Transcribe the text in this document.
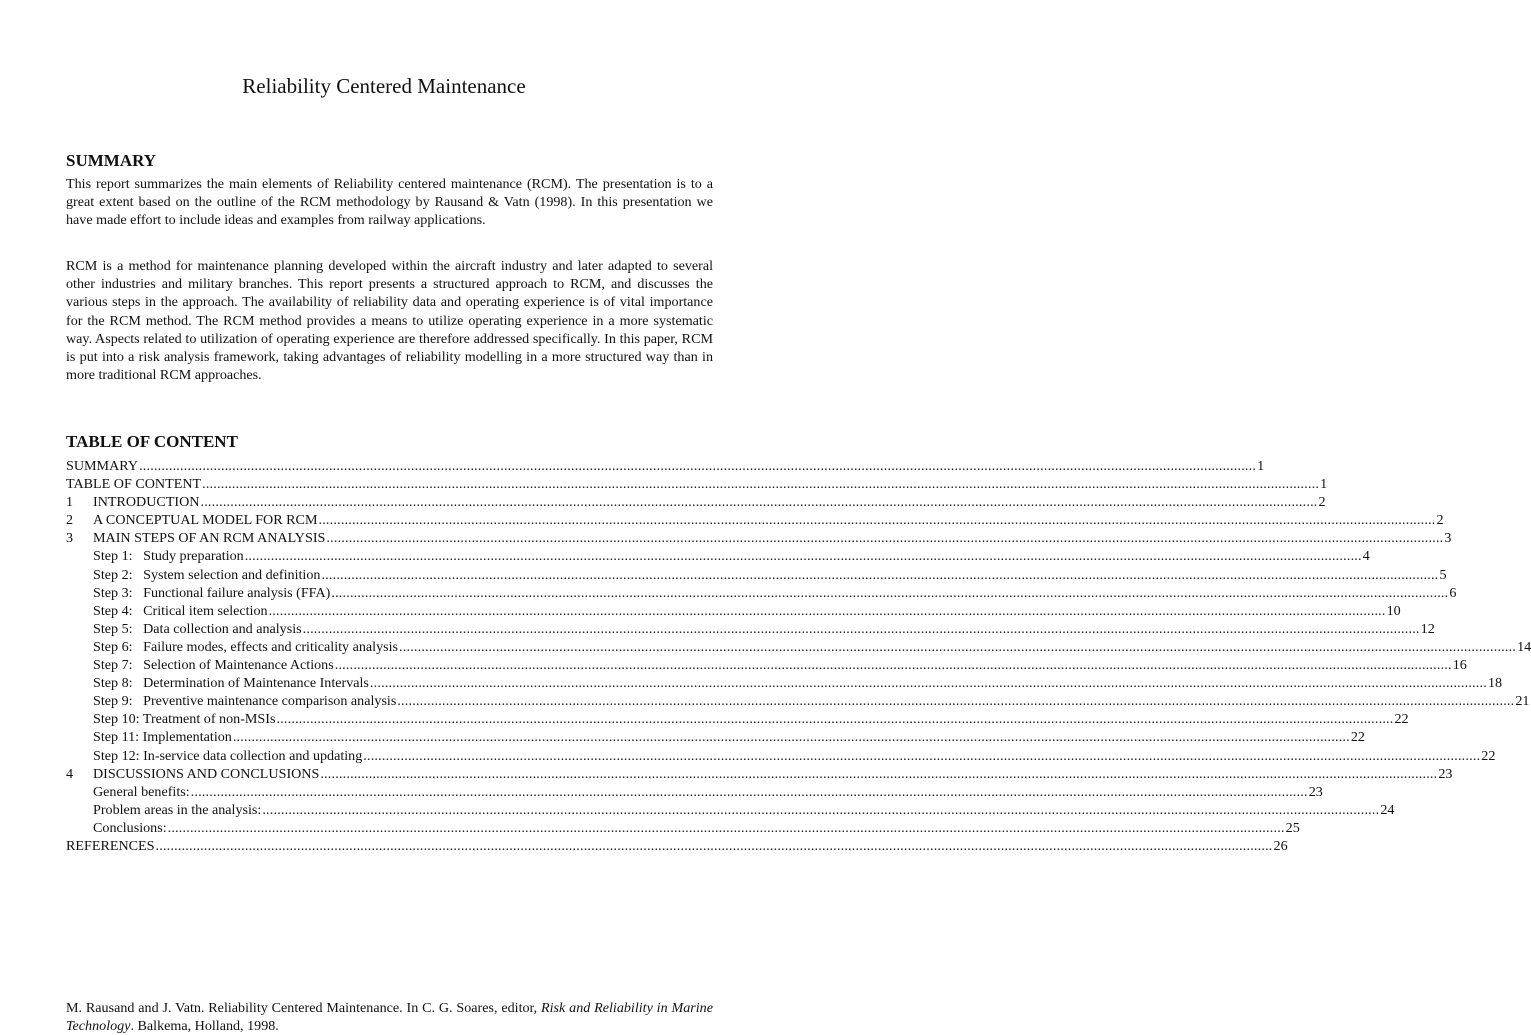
Reliability Centered Maintenance
SUMMARY

This report summarizes the main elements of Reliability centered maintenance (RCM). The presentation is to a great extent based on the outline of the RCM methodology by Rausand & Vatn (1998). In this presentation we have made effort to include ideas and examples from railway applications.

RCM is a method for maintenance planning developed within the aircraft industry and later adapted to several other industries and military branches. This report presents a structured approach to RCM, and discusses the various steps in the approach. The availability of reliability data and operating experience is of vital importance for the RCM method. The RCM method provides a means to utilize operating experience in a more systematic way. Aspects related to utilization of operating experience are therefore addressed specifically. In this paper, RCM is put into a risk analysis framework, taking advantages of reliability modelling in a more structured way than in more traditional RCM approaches.

TABLE OF CONTENT
SUMMARY ............................................................................................................................................................................................................................................................................................................ 1
TABLE OF CONTENT ............................................................................................................................................................................................................................................................................................................ 1
1	INTRODUCTION ............................................................................................................................................................................................................................................................................................................ 2
2	A CONCEPTUAL MODEL FOR RCM ............................................................................................................................................................................................................................................................................................................ 2
3	MAIN STEPS OF AN RCM ANALYSIS ............................................................................................................................................................................................................................................................................................................ 3
Step 1:   Study preparation ............................................................................................................................................................................................................................................................................................................ 4
Step 2:   System selection and definition ............................................................................................................................................................................................................................................................................................................ 5
Step 3:   Functional failure analysis (FFA) ............................................................................................................................................................................................................................................................................................................ 6
Step 4:   Critical item selection ............................................................................................................................................................................................................................................................................................................ 10
Step 5:   Data collection and analysis ............................................................................................................................................................................................................................................................................................................ 12
Step 6:   Failure modes, effects and criticality analysis ............................................................................................................................................................................................................................................................................................................ 14
Step 7:   Selection of Maintenance Actions ............................................................................................................................................................................................................................................................................................................ 16
Step 8:   Determination of Maintenance Intervals ............................................................................................................................................................................................................................................................................................................ 18
Step 9:   Preventive maintenance comparison analysis ............................................................................................................................................................................................................................................................................................................ 21
Step 10: Treatment of non-MSIs ............................................................................................................................................................................................................................................................................................................ 22
Step 11: Implementation ............................................................................................................................................................................................................................................................................................................ 22
Step 12: In-service data collection and updating ............................................................................................................................................................................................................................................................................................................ 22
4	DISCUSSIONS AND CONCLUSIONS ............................................................................................................................................................................................................................................................................................................ 23
General benefits: ............................................................................................................................................................................................................................................................................................................ 23
Problem areas in the analysis: ............................................................................................................................................................................................................................................................................................................ 24
Conclusions: ............................................................................................................................................................................................................................................................................................................ 25
REFERENCES ............................................................................................................................................................................................................................................................................................................ 26

M. Rausand and J. Vatn. Reliability Centered Maintenance. In C. G. Soares, editor, Risk and Reliability in Marine Technology. Balkema, Holland, 1998.
